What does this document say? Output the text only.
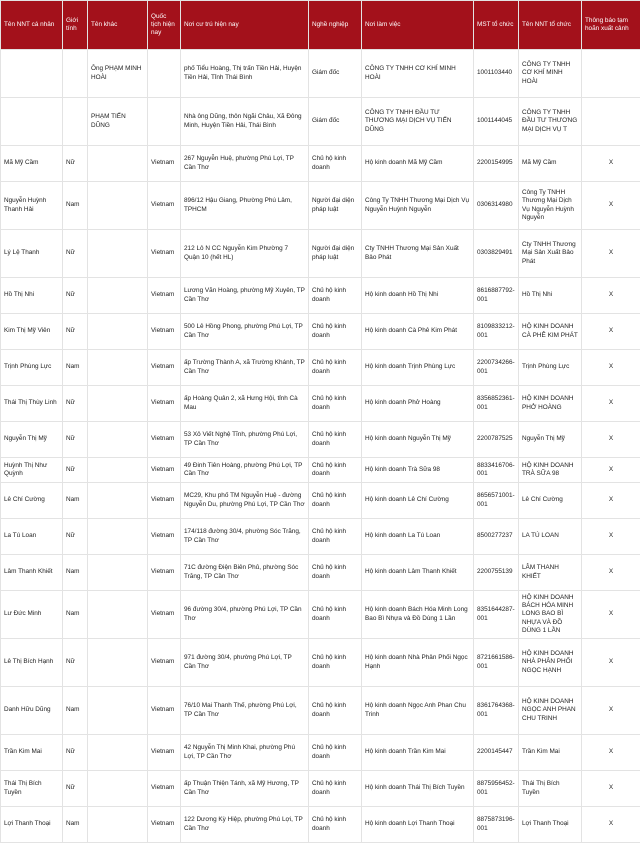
Tên NNT cá nhân	Giới tính	Tên khác	Quốc tịch hiện nay	Nơi cư trú hiện nay	Nghề nghiệp	Nơi làm việc	MST tổ chức	Tên NNT tổ chức	Thông báo tạm hoãn xuất cảnh
		Ông PHẠM MINH HOÀI		phố Tiểu Hoàng, Thị trấn Tiền Hải, Huyện Tiền Hải, Tỉnh Thái Bình	Giám đốc	CÔNG TY TNHH CƠ KHÍ MINH HOÀI	1001103440	CÔNG TY TNHH CƠ KHÍ MINH HOÀI	
		PHẠM TIẾN DŨNG		Nhà ông Dũng, thôn Ngãi Châu, Xã Đông Minh, Huyện Tiền Hải, Thái Bình	Giám đốc	CÔNG TY TNHH ĐẦU TƯ THƯƠNG MẠI DỊCH VỤ TIẾN DŨNG	1001144045	CÔNG TY TNHH ĐẦU TƯ THƯƠNG MẠI DỊCH VỤ T	
Mã Mỹ Cầm	Nữ		Vietnam	267 Nguyễn Huệ, phường Phú Lợi, TP Cần Thơ	Chủ hộ kinh doanh	Hộ kinh doanh Mã Mỹ Cầm	2200154995	Mã Mỹ Cầm	X
Nguyễn Huỳnh Thanh Hải	Nam		Vietnam	896/12 Hậu Giang, Phường Phú Lâm, TPHCM	Người đại diện pháp luật	Công Ty TNHH Thương Mại Dịch Vụ Nguyễn Huỳnh Nguyễn	0306314980	Công Ty TNHH Thương Mại Dịch Vụ Nguyễn Huỳnh Nguyễn	X
Lý Lệ Thanh	Nữ		Vietnam	212 Lô N CC Nguyễn Kim Phường 7 Quận 10 (hết HL)	Người đại diện pháp luật	Cty TNHH Thương Mại Sản Xuất Bảo Phát	0303829491	Cty TNHH Thương Mại Sản Xuất Bảo Phát	X
Hồ Thị Nhi	Nữ		Vietnam	Lương Văn Hoàng, phường Mỹ Xuyên, TP Cần Thơ	Chủ hộ kinh doanh	Hộ kinh doanh Hồ Thị Nhi	8616887792-001	Hồ Thị Nhi	X
Kim Thị Mỹ Viên	Nữ		Vietnam	500 Lê Hồng Phong, phường Phú Lợi, TP Cần Thơ	Chủ hộ kinh doanh	Hộ kinh doanh Cà Phê Kim Phát	8109833212-001	HỘ KINH DOANH CÀ PHÊ KIM PHÁT	X
Trịnh Phùng Lực	Nam		Vietnam	ấp Trường Thành A, xã Trường Khánh, TP Cần Thơ	Chủ hộ kinh doanh	Hộ kinh doanh Trịnh Phùng Lực	2200734266-001	Trịnh Phùng Lực	X
Thái Thị Thùy Linh	Nữ		Vietnam	ấp Hoàng Quân 2, xã Hưng Hội, tỉnh Cà Mau	Chủ hộ kinh doanh	Hộ kinh doanh Phở Hoàng	8356852361-001	HỘ KINH DOANH PHỞ HOÀNG	X
Nguyễn Thị Mỹ	Nữ		Vietnam	53 Xô Viết Nghệ Tĩnh, phường Phú Lợi, TP Cần Thơ	Chủ hộ kinh doanh	Hộ kinh doanh Nguyễn Thị Mỹ	2200787525	Nguyễn Thị Mỹ	X
Huỳnh Thị Như Quỳnh	Nữ		Vietnam	49 Đinh Tiên Hoàng, phường Phú Lợi, TP Cần Thơ	Chủ hộ kinh doanh	Hộ kinh doanh Trà Sữa 98	8833416706-001	HỘ KINH DOANH TRÀ SỮA 98	X
Lê Chí Cường	Nam		Vietnam	MC29, Khu phố TM Nguyễn Huệ - đường Nguyễn Du, phường Phú Lợi, TP Cần Thơ	Chủ hộ kinh doanh	Hộ kinh doanh Lê Chí Cường	8656571001-001	Lê Chí Cường	X
La Tú Loan	Nữ		Vietnam	174/118 đường 30/4, phường Sóc Trăng, TP Cần Thơ	Chủ hộ kinh doanh	Hộ kinh doanh La Tú Loan	8500277237	LA TÚ LOAN	X
Lâm Thanh Khiết	Nam		Vietnam	71C đường Điện Biên Phủ, phường Sóc Trăng, TP Cần Thơ	Chủ hộ kinh doanh	Hộ kinh doanh Lâm Thanh Khiết	2200755139	LÂM THANH KHIẾT	X
Lư Đức Minh	Nam		Vietnam	96 đường 30/4, phường Phú Lợi, TP Cần Thơ	Chủ hộ kinh doanh	Hộ kinh doanh Bách Hóa Minh Long Bao Bì Nhựa và Đồ Dùng 1 Lần	8351644287-001	HỘ KINH DOANH BÁCH HÓA MINH LONG BAO BÌ NHỰA VÀ ĐỒ DÙNG 1 LẦN	X
Lê Thị Bích Hạnh	Nữ		Vietnam	971 đường 30/4, phường Phú Lợi, TP Cần Thơ	Chủ hộ kinh doanh	Hộ kinh doanh Nhà Phân Phối Ngọc Hạnh	8721661586-001	HỘ KINH DOANH NHÀ PHÂN PHỐI NGỌC HẠNH	X
Danh Hữu Dũng	Nam		Vietnam	76/10 Mai Thanh Thế, phường Phú Lợi, TP Cần Thơ	Chủ hộ kinh doanh	Hộ kinh doanh Ngọc Anh Phan Chu Trinh	8361764368-001	HỘ KINH DOANH NGỌC ANH PHAN CHU TRINH	X
Trần Kim Mai	Nữ		Vietnam	42 Nguyễn Thị Minh Khai, phường Phú Lợi, TP Cần Thơ	Chủ hộ kinh doanh	Hộ kinh doanh Trần Kim Mai	2200145447	Trần Kim Mai	X
Thái Thị Bích Tuyền	Nữ		Vietnam	ấp Thuận Thiện Tánh, xã Mỹ Hương, TP Cần Thơ	Chủ hộ kinh doanh	Hộ kinh doanh Thái Thị Bích Tuyền	8875956452-001	Thái Thị Bích Tuyền	X
Lợi Thanh Thoại	Nam		Vietnam	122 Dương Kỳ Hiệp, phường Phú Lợi, TP Cần Thơ	Chủ hộ kinh doanh	Hộ kinh doanh Lợi Thanh Thoại	8875873196-001	Lợi Thanh Thoại	X
